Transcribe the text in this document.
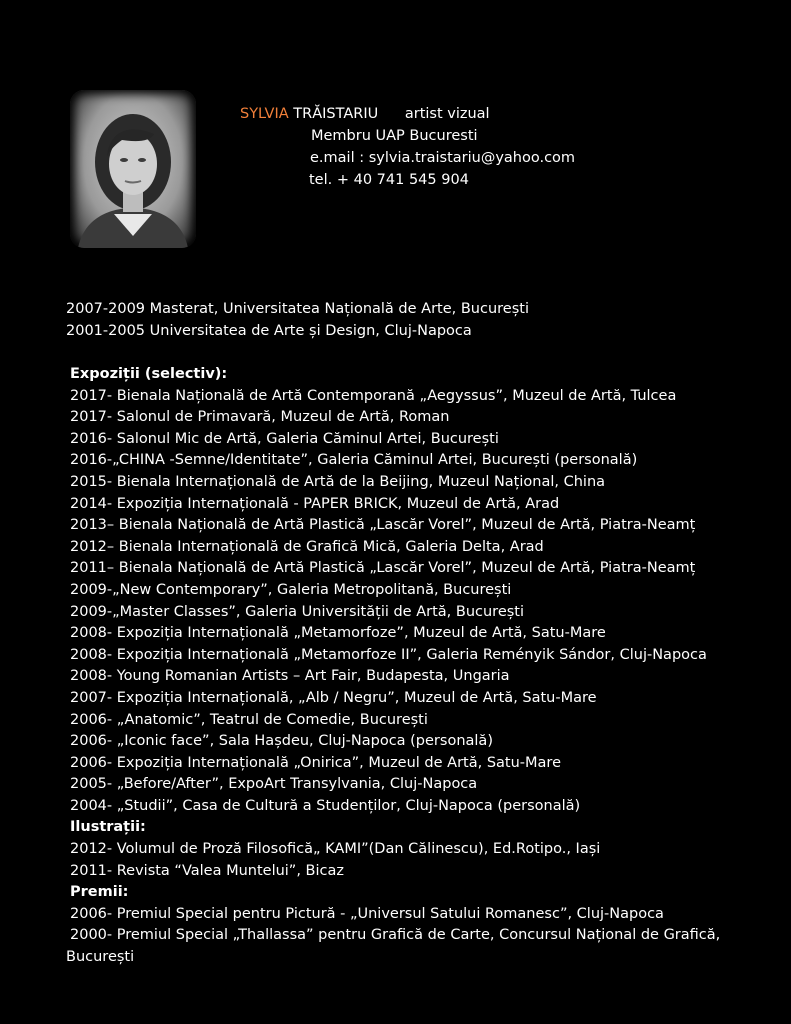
SYLVIA TRĂISTARIU artist vizual
Membru UAP Bucuresti
e.mail : sylvia.traistariu@yahoo.com
tel. + 40 741 545 904
2007-2009 Masterat, Universitatea Națională de Arte, București
2001-2005 Universitatea de Arte și Design, Cluj-Napoca
Expoziții (selectiv):
2017- Bienala Națională de Artă Contemporană „Aegyssus”, Muzeul de Artă, Tulcea
2017- Salonul de Primavară, Muzeul de Artă, Roman
2016- Salonul Mic de Artă, Galeria Căminul Artei, București
2016-„CHINA -Semne/Identitate”, Galeria Căminul Artei, București (personală)
2015- Bienala Internațională de Artă de la Beijing, Muzeul Național, China
2014- Expoziția Internațională - PAPER BRICK, Muzeul de Artă, Arad
2013– Bienala Națională de Artă Plastică „Lascăr Vorel”, Muzeul de Artă, Piatra-Neamț
2012– Bienala Internațională de Grafică Mică, Galeria Delta, Arad
2011– Bienala Națională de Artă Plastică „Lascăr Vorel”, Muzeul de Artă, Piatra-Neamț
2009-„New Contemporary”, Galeria Metropolitană, București
2009-„Master Classes”, Galeria Universității de Artă, București
2008- Expoziția Internațională „Metamorfoze”, Muzeul de Artă, Satu-Mare
2008- Expoziția Internațională „Metamorfoze II”, Galeria Reményik Sándor, Cluj-Napoca
2008- Young Romanian Artists – Art Fair, Budapesta, Ungaria
2007- Expoziția Internațională, „Alb / Negru”, Muzeul de Artă, Satu-Mare
2006- „Anatomic”, Teatrul de Comedie, București
2006- „Iconic face”, Sala Hașdeu, Cluj-Napoca (personală)
2006- Expoziția Internațională „Onirica”, Muzeul de Artă, Satu-Mare
2005- „Before/After”, ExpoArt Transylvania, Cluj-Napoca
2004- „Studii”, Casa de Cultură a Studenților, Cluj-Napoca (personală)
Ilustrații:
2012- Volumul de Proză Filosofică„ KAMI”(Dan Călinescu), Ed.Rotipo., Iași
2011- Revista “Valea Muntelui”, Bicaz
Premii:
2006- Premiul Special pentru Pictură - „Universul Satului Romanesc”, Cluj-Napoca
2000- Premiul Special „Thallassa” pentru Grafică de Carte, Concursul Național de Grafică,
București
